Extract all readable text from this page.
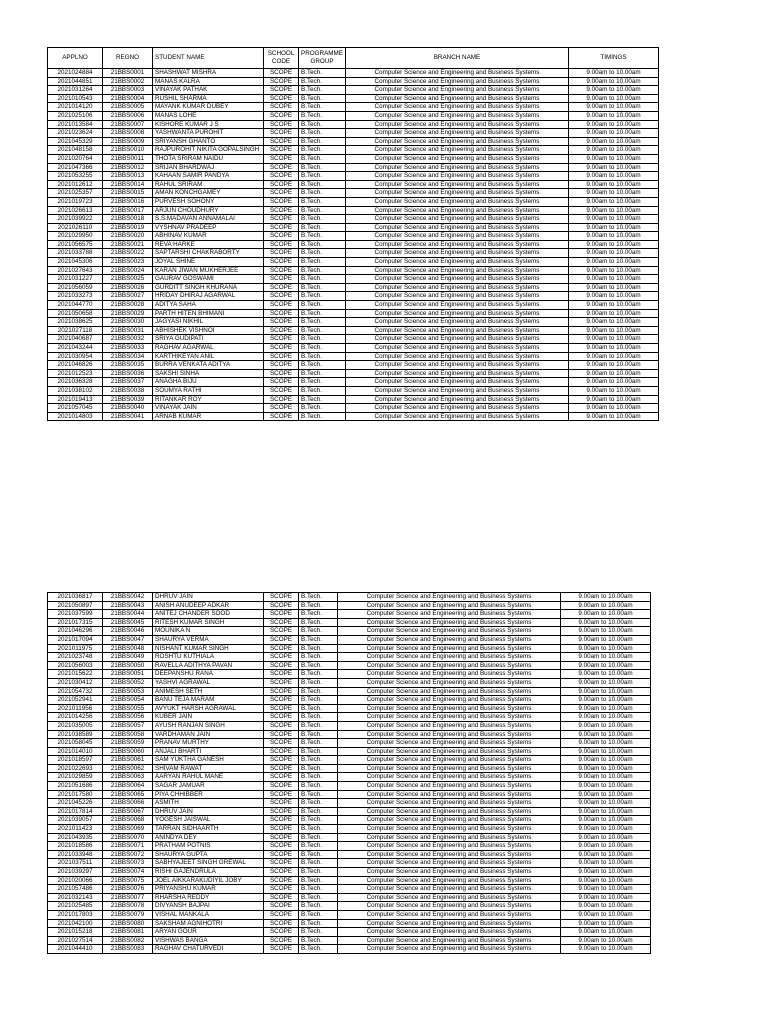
APPLNO	REGNO	STUDENT NAME	SCHOOL CODE	PROGRAMME GROUP	BRANCH NAME	TIMINGS
2021024884	21BBS0001	SHASHWAT MISHRA	SCOPE	B.Tech.	Computer Science and Engineering and Business Systems	9.00am to 10.00am
2021044851	21BBS0002	MANAS KALRA	SCOPE	B.Tech.	Computer Science and Engineering and Business Systems	9.00am to 10.00am
2021031264	21BBS0003	VINAYAK PATHAK	SCOPE	B.Tech.	Computer Science and Engineering and Business Systems	9.00am to 10.00am
2021010543	21BBS0004	RUSHIL SHARMA	SCOPE	B.Tech.	Computer Science and Engineering and Business Systems	9.00am to 10.00am
2021014120	21BBS0005	MAYANK KUMAR DUBEY	SCOPE	B.Tech.	Computer Science and Engineering and Business Systems	9.00am to 10.00am
2021025106	21BBS0006	MANAS LOHE	SCOPE	B.Tech.	Computer Science and Engineering and Business Systems	9.00am to 10.00am
2021013584	21BBS0007	KISHORE KUMAR J S	SCOPE	B.Tech.	Computer Science and Engineering and Business Systems	9.00am to 10.00am
2021023624	21BBS0008	YASHWANTA PUROHIT	SCOPE	B.Tech.	Computer Science and Engineering and Business Systems	9.00am to 10.00am
2021045329	21BBS0009	SRIYANSH GHANTO	SCOPE	B.Tech.	Computer Science and Engineering and Business Systems	9.00am to 10.00am
2021048158	21BBS0010	RAJPUROHIT NIKITA GOPALSINGH	SCOPE	B.Tech.	Computer Science and Engineering and Business Systems	9.00am to 10.00am
2021020764	21BBS0011	THOTA SRIRAM NAIDU	SCOPE	B.Tech.	Computer Science and Engineering and Business Systems	9.00am to 10.00am
2021047366	21BBS0012	SRIJAN BHARDWAJ	SCOPE	B.Tech.	Computer Science and Engineering and Business Systems	9.00am to 10.00am
2021053255	21BBS0013	KAHAAN SAMIR PANDYA	SCOPE	B.Tech.	Computer Science and Engineering and Business Systems	9.00am to 10.00am
2021012612	21BBS0014	RAHUL SRIRAM	SCOPE	B.Tech.	Computer Science and Engineering and Business Systems	9.00am to 10.00am
2021025357	21BBS0015	AMAN KONCHGAMEY	SCOPE	B.Tech.	Computer Science and Engineering and Business Systems	9.00am to 10.00am
2021019723	21BBS0016	PURVESH SOHONY	SCOPE	B.Tech.	Computer Science and Engineering and Business Systems	9.00am to 10.00am
2021026613	21BBS0017	ARJUN CHOUDHURY	SCOPE	B.Tech.	Computer Science and Engineering and Business Systems	9.00am to 10.00am
2021039922	21BBS0018	S.S.MADAVAN ANNAMALAI	SCOPE	B.Tech.	Computer Science and Engineering and Business Systems	9.00am to 10.00am
2021026110	21BBS0019	VYSHNAV PRADEEP	SCOPE	B.Tech.	Computer Science and Engineering and Business Systems	9.00am to 10.00am
2021029950	21BBS0020	ABHINAV KUMAR	SCOPE	B.Tech.	Computer Science and Engineering and Business Systems	9.00am to 10.00am
2021056575	21BBS0021	REVA HARKE	SCOPE	B.Tech.	Computer Science and Engineering and Business Systems	9.00am to 10.00am
2021033788	21BBS0022	SAPTARSHI CHAKRABORTY	SCOPE	B.Tech.	Computer Science and Engineering and Business Systems	9.00am to 10.00am
2021045306	21BBS0023	JOYAL SHINE	SCOPE	B.Tech.	Computer Science and Engineering and Business Systems	9.00am to 10.00am
2021027643	21BBS0024	KARAN JIWAN MUKHERJEE	SCOPE	B.Tech.	Computer Science and Engineering and Business Systems	9.00am to 10.00am
2021031227	21BBS0025	GAURAV GOSWAMI	SCOPE	B.Tech.	Computer Science and Engineering and Business Systems	9.00am to 10.00am
2021056059	21BBS0026	GURDITT SINGH KHURANA	SCOPE	B.Tech.	Computer Science and Engineering and Business Systems	9.00am to 10.00am
2021033273	21BBS0027	HRIDAY DHIRAJ AGARWAL	SCOPE	B.Tech.	Computer Science and Engineering and Business Systems	9.00am to 10.00am
2021044770	21BBS0028	ADITYA SAHA	SCOPE	B.Tech.	Computer Science and Engineering and Business Systems	9.00am to 10.00am
2021050658	21BBS0029	PARTH HITEN BHIMANI	SCOPE	B.Tech.	Computer Science and Engineering and Business Systems	9.00am to 10.00am
2021038625	21BBS0030	JAGYASI NIKHIL	SCOPE	B.Tech.	Computer Science and Engineering and Business Systems	9.00am to 10.00am
2021027118	21BBS0031	ABHISHEK VISHNOI	SCOPE	B.Tech.	Computer Science and Engineering and Business Systems	9.00am to 10.00am
2021040687	21BBS0032	SRIYA GUDIPATI	SCOPE	B.Tech.	Computer Science and Engineering and Business Systems	9.00am to 10.00am
2021043244	21BBS0033	RAGHAV AGARWAL	SCOPE	B.Tech.	Computer Science and Engineering and Business Systems	9.00am to 10.00am
2021030954	21BBS0034	KARTHIKEYAN ANIL	SCOPE	B.Tech.	Computer Science and Engineering and Business Systems	9.00am to 10.00am
2021046826	21BBS0035	BURRA VENKATA ADITYA	SCOPE	B.Tech.	Computer Science and Engineering and Business Systems	9.00am to 10.00am
2021012523	21BBS0036	SAKSHI SINHA	SCOPE	B.Tech.	Computer Science and Engineering and Business Systems	9.00am to 10.00am
2021036328	21BBS0037	ANAGHA BIJU	SCOPE	B.Tech.	Computer Science and Engineering and Business Systems	9.00am to 10.00am
2021038102	21BBS0038	SOUMYA RATHI	SCOPE	B.Tech.	Computer Science and Engineering and Business Systems	9.00am to 10.00am
2021019413	21BBS0039	RITANKAR ROY	SCOPE	B.Tech.	Computer Science and Engineering and Business Systems	9.00am to 10.00am
2021057045	21BBS0040	VINAYAK JAIN	SCOPE	B.Tech.	Computer Science and Engineering and Business Systems	9.00am to 10.00am
2021014803	21BBS0041	ARNAB KUMAR	SCOPE	B.Tech.	Computer Science and Engineering and Business Systems	9.00am to 10.00am
2021036817	21BBS0042	DHRUV JAIN	SCOPE	B.Tech.	Computer Science and Engineering and Business Systems	9.00am to 10.00am
2021050897	21BBS0043	ANISH ANUDEEP ADKAR	SCOPE	B.Tech.	Computer Science and Engineering and Business Systems	9.00am to 10.00am
2021037599	21BBS0044	ANITEJ CHANDER SOOD	SCOPE	B.Tech.	Computer Science and Engineering and Business Systems	9.00am to 10.00am
2021017315	21BBS0045	RITESH KUMAR SINGH	SCOPE	B.Tech.	Computer Science and Engineering and Business Systems	9.00am to 10.00am
2021046296	21BBS0046	MOUNIKA N	SCOPE	B.Tech.	Computer Science and Engineering and Business Systems	9.00am to 10.00am
2021017094	21BBS0047	SHAURYA VERMA	SCOPE	B.Tech.	Computer Science and Engineering and Business Systems	9.00am to 10.00am
2021011975	21BBS0048	NISHANT KUMAR SINGH	SCOPE	B.Tech.	Computer Science and Engineering and Business Systems	9.00am to 10.00am
2021023748	21BBS0049	ROSHTU KUTHIALA	SCOPE	B.Tech.	Computer Science and Engineering and Business Systems	9.00am to 10.00am
2021056003	21BBS0050	RAVELLA ADITHYA PAVAN	SCOPE	B.Tech.	Computer Science and Engineering and Business Systems	9.00am to 10.00am
2021015622	21BBS0051	DEEPANSHU RANA	SCOPE	B.Tech.	Computer Science and Engineering and Business Systems	9.00am to 10.00am
2021030412	21BBS0052	YASHVI AGRAWAL	SCOPE	B.Tech.	Computer Science and Engineering and Business Systems	9.00am to 10.00am
2021054732	21BBS0053	ANIMESH SETH	SCOPE	B.Tech.	Computer Science and Engineering and Business Systems	9.00am to 10.00am
2021052941	21BBS0054	BANU TEJA MARAM	SCOPE	B.Tech.	Computer Science and Engineering and Business Systems	9.00am to 10.00am
2021011956	21BBS0055	AVYUKT HARSH AGRAWAL	SCOPE	B.Tech.	Computer Science and Engineering and Business Systems	9.00am to 10.00am
2021014256	21BBS0056	KUBER JAIN	SCOPE	B.Tech.	Computer Science and Engineering and Business Systems	9.00am to 10.00am
2021035005	21BBS0057	AYUSH RANJAN SINGH	SCOPE	B.Tech.	Computer Science and Engineering and Business Systems	9.00am to 10.00am
2021038589	21BBS0058	VARDHAMAN JAIN	SCOPE	B.Tech.	Computer Science and Engineering and Business Systems	9.00am to 10.00am
2021058045	21BBS0059	PRANAV MURTHY	SCOPE	B.Tech.	Computer Science and Engineering and Business Systems	9.00am to 10.00am
2021014010	21BBS0060	ANJALI BHARTI	SCOPE	B.Tech.	Computer Science and Engineering and Business Systems	9.00am to 10.00am
2021018597	21BBS0061	SAM YUKTHA GANESH	SCOPE	B.Tech.	Computer Science and Engineering and Business Systems	9.00am to 10.00am
2021022693	21BBS0062	SHIVAM RAWAT	SCOPE	B.Tech.	Computer Science and Engineering and Business Systems	9.00am to 10.00am
2021029859	21BBS0063	AARYAN RAHUL MANE	SCOPE	B.Tech.	Computer Science and Engineering and Business Systems	9.00am to 10.00am
2021051686	21BBS0064	SAGAR JAMUAR	SCOPE	B.Tech.	Computer Science and Engineering and Business Systems	9.00am to 10.00am
2021017580	21BBS0065	PIYA CHHIBBER	SCOPE	B.Tech.	Computer Science and Engineering and Business Systems	9.00am to 10.00am
2021045226	21BBS0066	ASMITH	SCOPE	B.Tech.	Computer Science and Engineering and Business Systems	9.00am to 10.00am
2021017814	21BBS0067	DHRUV JAIN	SCOPE	B.Tech.	Computer Science and Engineering and Business Systems	9.00am to 10.00am
2021039057	21BBS0068	YOGESH JAISWAL	SCOPE	B.Tech.	Computer Science and Engineering and Business Systems	9.00am to 10.00am
2021011423	21BBS0069	TARRAN SIDHAARTH	SCOPE	B.Tech.	Computer Science and Engineering and Business Systems	9.00am to 10.00am
2021043935	21BBS0070	ANINDYA DEY	SCOPE	B.Tech.	Computer Science and Engineering and Business Systems	9.00am to 10.00am
2021018586	21BBS0071	PRATHAM POTNIS	SCOPE	B.Tech.	Computer Science and Engineering and Business Systems	9.00am to 10.00am
2021033948	21BBS0072	SHAURYA GUPTA	SCOPE	B.Tech.	Computer Science and Engineering and Business Systems	9.00am to 10.00am
2021037511	21BBS0073	SABHYAJEET SINGH GREWAL	SCOPE	B.Tech.	Computer Science and Engineering and Business Systems	9.00am to 10.00am
2021039297	21BBS0074	RISHI GAJENDRULA	SCOPE	B.Tech.	Computer Science and Engineering and Business Systems	9.00am to 10.00am
2021020066	21BBS0075	JOEL AIKKARAKUDIYIL JOBY	SCOPE	B.Tech.	Computer Science and Engineering and Business Systems	9.00am to 10.00am
2021057486	21BBS0076	PRIYANSHU KUMAR	SCOPE	B.Tech.	Computer Science and Engineering and Business Systems	9.00am to 10.00am
2021032143	21BBS0077	RHARSHA REDDY	SCOPE	B.Tech.	Computer Science and Engineering and Business Systems	9.00am to 10.00am
2021025485	21BBS0078	DIVYANSH BAJPAI	SCOPE	B.Tech.	Computer Science and Engineering and Business Systems	9.00am to 10.00am
2021017803	21BBS0079	VISHAL MANKALA	SCOPE	B.Tech.	Computer Science and Engineering and Business Systems	9.00am to 10.00am
2021042100	21BBS0080	SAKSHAM AGNIHOTRI	SCOPE	B.Tech.	Computer Science and Engineering and Business Systems	9.00am to 10.00am
2021015218	21BBS0081	ARYAN GOUR	SCOPE	B.Tech.	Computer Science and Engineering and Business Systems	9.00am to 10.00am
2021027514	21BBS0082	VISHWAS BANGA	SCOPE	B.Tech.	Computer Science and Engineering and Business Systems	9.00am to 10.00am
2021044410	21BBS0083	RAGHAV CHATURVEDI	SCOPE	B.Tech.	Computer Science and Engineering and Business Systems	9.00am to 10.00am
